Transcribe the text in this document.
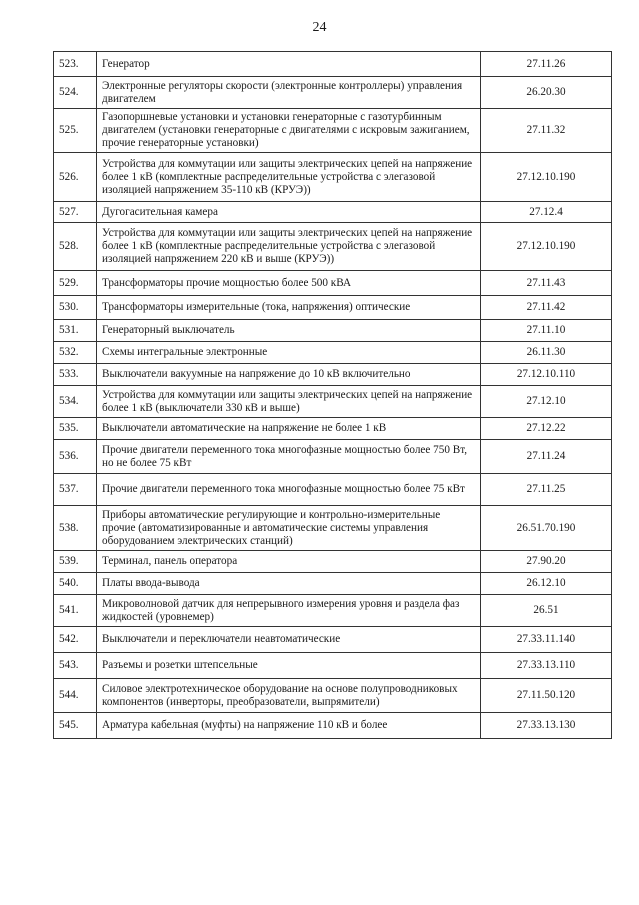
24
523.	Генератор	27.11.26
524.	Электронные регуляторы скорости (электронные контроллеры) управления двигателем	26.20.30
525.	Газопоршневые установки и установки генераторные с газотурбинным двигателем (установки генераторные с двигателями с искровым зажиганием, прочие генераторные установки)	27.11.32
526.	Устройства для коммутации или защиты электрических цепей на напряжение более 1 кВ (комплектные распределительные устройства с элегазовой изоляцией напряжением 35-110 кВ (КРУЭ))	27.12.10.190
527.	Дугогасительная камера	27.12.4
528.	Устройства для коммутации или защиты электрических цепей на напряжение более 1 кВ (комплектные распределительные устройства с элегазовой изоляцией напряжением 220 кВ и выше (КРУЭ))	27.12.10.190
529.	Трансформаторы прочие мощностью более 500 кВА	27.11.43
530.	Трансформаторы измерительные (тока, напряжения) оптические	27.11.42
531.	Генераторный выключатель	27.11.10
532.	Схемы интегральные электронные	26.11.30
533.	Выключатели вакуумные на напряжение до 10 кВ включительно	27.12.10.110
534.	Устройства для коммутации или защиты электрических цепей на напряжение более 1 кВ (выключатели 330 кВ и выше)	27.12.10
535.	Выключатели автоматические на напряжение не более 1 кВ	27.12.22
536.	Прочие двигатели переменного тока многофазные мощностью более 750 Вт, но не более 75 кВт	27.11.24
537.	Прочие двигатели переменного тока многофазные мощностью более 75 кВт	27.11.25
538.	Приборы автоматические регулирующие и контрольно-измерительные прочие (автоматизированные и автоматические системы управления оборудованием электрических станций)	26.51.70.190
539.	Терминал, панель оператора	27.90.20
540.	Платы ввода-вывода	26.12.10
541.	Микроволновой датчик для непрерывного измерения уровня и раздела фаз жидкостей (уровнемер)	26.51
542.	Выключатели и переключатели неавтоматические	27.33.11.140
543.	Разъемы и розетки штепсельные	27.33.13.110
544.	Силовое электротехническое оборудование на основе полупроводниковых компонентов (инверторы, преобразователи, выпрямители)	27.11.50.120
545.	Арматура кабельная (муфты) на напряжение 110 кВ и более	27.33.13.130
